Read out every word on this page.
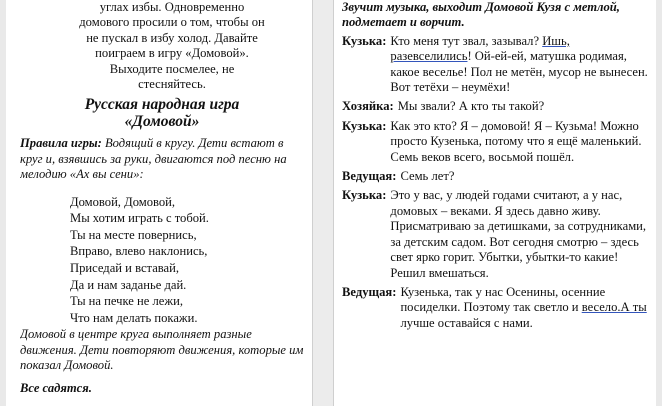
углах избы. Одновременно
домового просили о том, чтобы он
не пускал в избу холод. Давайте
поиграем в игру «Домовой».
Выходите посмелее, не
стесняйтесь.
Русская народная игра
«Домовой»

Правила игры: Водящий в кругу. Дети встают в круг и, взявшись за руки, двигаются под песню на мелодию «Ах вы сени»:

Домовой, Домовой,
Мы хотим играть с тобой.
Ты на месте повернись,
Вправо, влево наклонись,
Приседай и вставай,
Да и нам заданье дай.
Ты на печке не лежи,
Что нам делать покажи.

Домовой в центре круга выполняет разные движения. Дети повторяют движения, которые им показал Домовой.

Все садятся.

Звучит музыка, выходит Домовой Кузя с метлой, подметает и ворчит.

Кузька: Кто меня тут звал, зазывал? Ишь, разевселились! Ой-ей-ей, матушка родимая, какое веселье! Пол не метён, мусор не вынесен. Вот тетёхи – неумёхи!
Хозяйка: Мы звали? А кто ты такой?
Кузька: Как это кто? Я – домовой! Я – Кузьма! Можно просто Кузенька, потому что я ещё маленький. Семь веков всего, восьмой пошёл.
Ведущая: Семь лет?
Кузька: Это у вас, у людей годами считают, а у нас, домовых – веками. Я здесь давно живу. Присматриваю за детишками, за сотрудниками, за детским садом. Вот сегодня смотрю – здесь свет ярко горит. Убытки, убытки-то какие! Решил вмешаться.
Ведущая: Кузенька, так у нас Осенины, осенние посиделки. Поэтому так светло и весело.А ты лучше оставайся с нами.
